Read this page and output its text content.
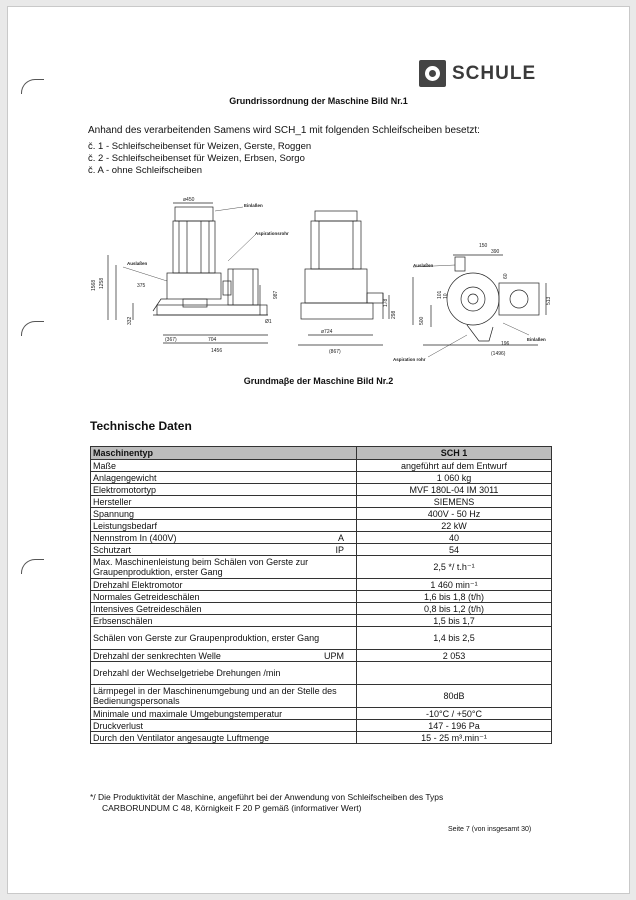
SCHULE
Grundrissordnung der Maschine Bild Nr.1
Anhand des verarbeitenden Samens wird SCH_1 mit folgenden Schleifscheiben besetzt:
č. 1 - Schleifscheibenset für Weizen, Gerste, Roggen
č. 2 - Schleifscheibenset für Weizen, Erbsen, Sorgo
č. A - ohne Schleifscheiben
ø450
1568 1258	375
332
(367)	704
1456
Ø1
987
ø724
(867)
178
298
150
390
60
101 10
500
196
(1496)
513
Einlaßen
Aspirationsrohr
Auslaßen	Auslaßen
Einlaßen
Aspiration rohr
Grundmaβe der Maschine Bild Nr.2
Technische Daten
Maschinentyp	SCH 1

Maße	angeführt auf dem Entwurf

Anlagengewicht	1 060 kg

Elektromotortyp	MVF 180L-04 IM 3011

Hersteller	SIEMENS

Spannung	400V - 50 Hz

Leistungsbedarf	22 kW

Nennstrom In (400V) A	40

Schutzart IP	54

Max. Maschinenleistung beim Schälen von Gerste zur Graupenproduktion, erster Gang	2,5 */ t.h⁻¹

Drehzahl Elektromotor	1 460 min⁻¹

Normales Getreideschälen	1,6 bis 1,8 (t/h)

Intensives Getreideschälen	0,8 bis 1,2 (t/h)

Erbsenschälen	1,5 bis 1,7

Schälen von Gerste zur Graupenproduktion, erster Gang	1,4 bis 2,5

Drehzahl der senkrechten Welle UPM	2 053

Drehzahl der Wechselgetriebe Drehungen /min	

Lärmpegel in der Maschinenumgebung und an der Stelle des Bedienungspersonals	80dB

Minimale und maximale Umgebungstemperatur	-10°C / +50°C

Druckverlust	147 - 196 Pa

Durch den Ventilator angesaugte Luftmenge	15 - 25 m³.min⁻¹
*/ Die Produktivität der Maschine, angeführt bei der Anwendung von Schleifscheiben des Typs
CARBORUNDUM C 48, Körnigkeit F 20 P gemäß (informativer Wert)
Seite 7 (von insgesamt 30)
